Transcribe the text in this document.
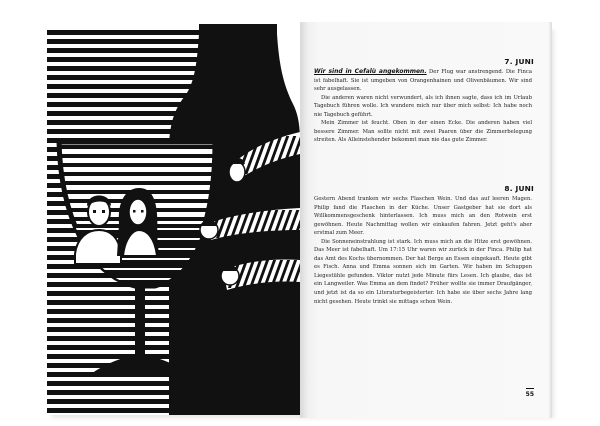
7. JUNI

Wir sind in Cefalù angekommen. Der Flug war anstrengend. Die Finca ist fabelhaft. Sie ist umgeben von Orangenhainen und Olivenbäumen. Wir sind sehr ausgelassen.

Die anderen waren nicht verwundert, als ich ihnen sagte, dass ich im Urlaub Tagebuch führen wolle. Ich wundere mich nur über mich selbst: Ich habe noch nie Tagebuch geführt.

Mein Zimmer ist feucht. Oben in der einen Ecke. Die anderen haben viel bessere Zimmer. Man sollte nicht mit zwei Paaren über die Zimmerbelegung streiten. Als Alleinstehender bekommt man nie das gute Zimmer.

8. JUNI

Gestern Abend tranken wir sechs Flaschen Wein. Und das auf leeren Magen. Philip fand die Flaschen in der Küche. Unser Gastgeber hat sie dort als Willkommensgeschenk hinterlassen. Ich muss mich an den Rotwein erst gewöhnen. Heute Nachmittag wollen wir einkaufen fahren. Jetzt geht's aber erstmal zum Meer.

Die Sonneneinstrahlung ist stark. Ich muss mich an die Hitze erst gewöhnen. Das Meer ist fabelhaft. Um 17:15 Uhr waren wir zurück in der Finca. Philip hat das Amt des Kochs übernommen. Der hat Berge an Essen eingekauft. Heute gibt es Fisch. Anna und Emma sonnen sich im Garten. Wir haben im Schuppen Liegestühle gefunden. Viktor nutzt jede Minute fürs Lesen. Ich glaube, das ist ein Langweiler. Was Emma an dem findet? Früher wollte sie immer Draufgänger, und jetzt ist da so ein Literaturbegeisterter. Ich habe sie über sechs Jahre lang nicht gesehen. Heute trinkt sie mittags schon Wein.

55
